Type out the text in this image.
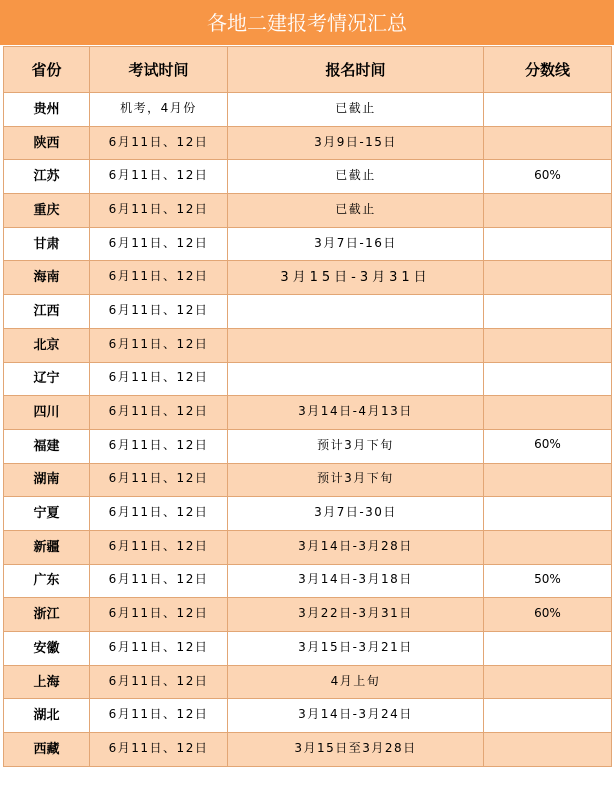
各地二建报考情况汇总
省份	考试时间	报名时间	分数线
贵州	机考，4月份	已截止	
陕西	6月11日、12日	3月9日-15日	
江苏	6月11日、12日	已截止	60%
重庆	6月11日、12日	已截止	
甘肃	6月11日、12日	3月7日-16日	
海南	6月11日、12日	3月15日-3月31日	
江西	6月11日、12日		
北京	6月11日、12日		
辽宁	6月11日、12日		
四川	6月11日、12日	3月14日-4月13日	
福建	6月11日、12日	预计3月下旬	60%
湖南	6月11日、12日	预计3月下旬	
宁夏	6月11日、12日	3月7日-30日	
新疆	6月11日、12日	3月14日-3月28日	
广东	6月11日、12日	3月14日-3月18日	50%
浙江	6月11日、12日	3月22日-3月31日	60%
安徽	6月11日、12日	3月15日-3月21日	
上海	6月11日、12日	4月上旬	
湖北	6月11日、12日	3月14日-3月24日	
西藏	6月11日、12日	3月15日至3月28日	
